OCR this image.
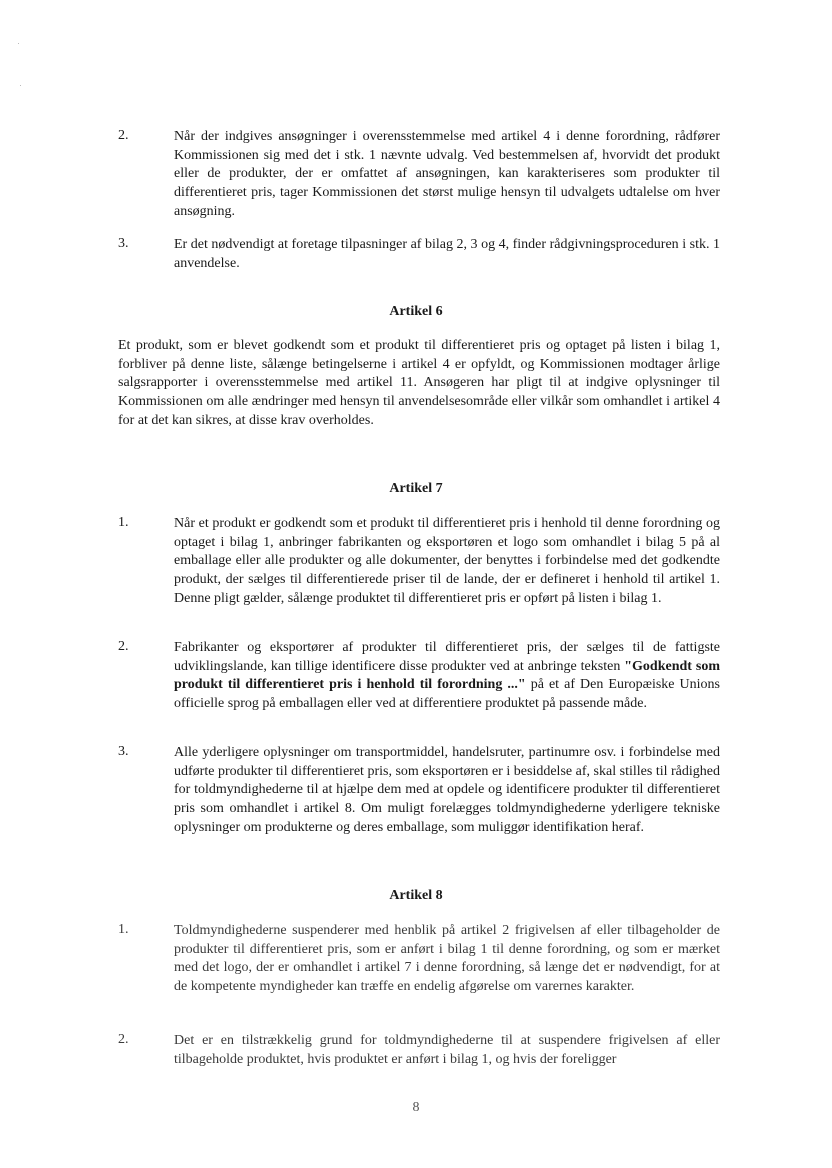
2.	Når der indgives ansøgninger i overensstemmelse med artikel 4 i denne forordning, rådfører Kommissionen sig med det i stk. 1 nævnte udvalg. Ved bestemmelsen af, hvorvidt det produkt eller de produkter, der er omfattet af ansøgningen, kan karakteriseres som produkter til differentieret pris, tager Kommissionen det størst mulige hensyn til udvalgets udtalelse om hver ansøgning.
3.	Er det nødvendigt at foretage tilpasninger af bilag 2, 3 og 4, finder rådgivningsproceduren i stk. 1 anvendelse.
Artikel 6
Et produkt, som er blevet godkendt som et produkt til differentieret pris og optaget på listen i bilag 1, forbliver på denne liste, sålænge betingelserne i artikel 4 er opfyldt, og Kommissionen modtager årlige salgsrapporter i overensstemmelse med artikel 11. Ansøgeren har pligt til at indgive oplysninger til Kommissionen om alle ændringer med hensyn til anvendelsesområde eller vilkår som omhandlet i artikel 4 for at det kan sikres, at disse krav overholdes.
Artikel 7
1.	Når et produkt er godkendt som et produkt til differentieret pris i henhold til denne forordning og optaget i bilag 1, anbringer fabrikanten og eksportøren et logo som omhandlet i bilag 5 på al emballage eller alle produkter og alle dokumenter, der benyttes i forbindelse med det godkendte produkt, der sælges til differentierede priser til de lande, der er defineret i henhold til artikel 1. Denne pligt gælder, sålænge produktet til differentieret pris er opført på listen i bilag 1.
2.	Fabrikanter og eksportører af produkter til differentieret pris, der sælges til de fattigste udviklingslande, kan tillige identificere disse produkter ved at anbringe teksten "Godkendt som produkt til differentieret pris i henhold til forordning ..." på et af Den Europæiske Unions officielle sprog på emballagen eller ved at differentiere produktet på passende måde.
3.	Alle yderligere oplysninger om transportmiddel, handelsruter, partinumre osv. i forbindelse med udførte produkter til differentieret pris, som eksportøren er i besiddelse af, skal stilles til rådighed for toldmyndighederne til at hjælpe dem med at opdele og identificere produkter til differentieret pris som omhandlet i artikel 8. Om muligt forelægges toldmyndighederne yderligere tekniske oplysninger om produkterne og deres emballage, som muliggør identifikation heraf.
Artikel 8
1.	Toldmyndighederne suspenderer med henblik på artikel 2 frigivelsen af eller tilbageholder de produkter til differentieret pris, som er anført i bilag 1 til denne forordning, og som er mærket med det logo, der er omhandlet i artikel 7 i denne forordning, så længe det er nødvendigt, for at de kompetente myndigheder kan træffe en endelig afgørelse om varernes karakter.
2.	Det er en tilstrækkelig grund for toldmyndighederne til at suspendere frigivelsen af eller tilbageholde produktet, hvis produktet er anført i bilag 1, og hvis der foreligger
8
